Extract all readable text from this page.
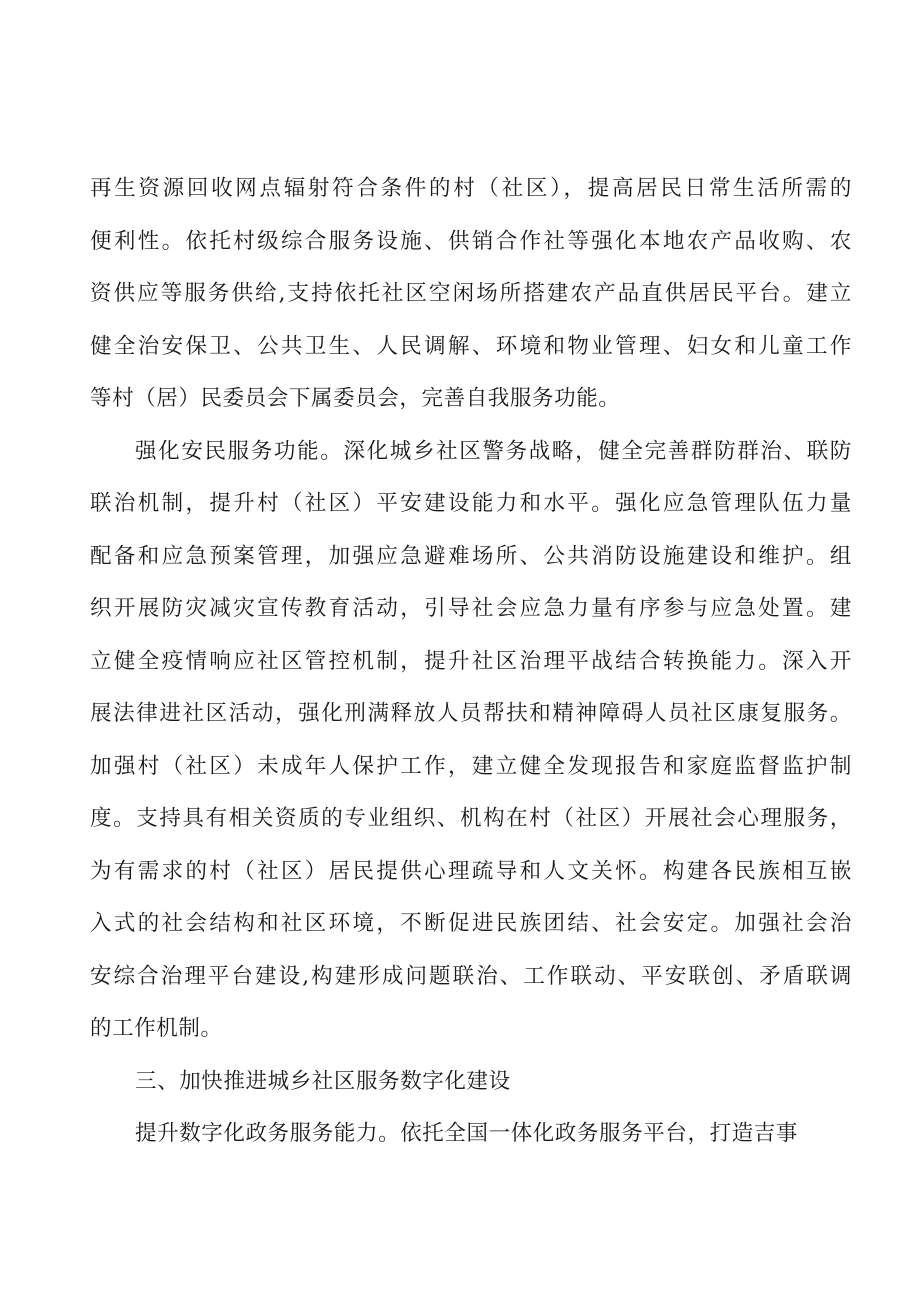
再生资源回收网点辐射符合条件的村（社区），提高居民日常生活所需的
便利性。依托村级综合服务设施、供销合作社等强化本地农产品收购、农
资供应等服务供给,支持依托社区空闲场所搭建农产品直供居民平台。建立
健全治安保卫、公共卫生、人民调解、环境和物业管理、妇女和儿童工作
等村（居）民委员会下属委员会，完善自我服务功能。
强化安民服务功能。深化城乡社区警务战略，健全完善群防群治、联防
联治机制，提升村（社区）平安建设能力和水平。强化应急管理队伍力量
配备和应急预案管理，加强应急避难场所、公共消防设施建设和维护。组
织开展防灾减灾宣传教育活动，引导社会应急力量有序参与应急处置。建
立健全疫情响应社区管控机制，提升社区治理平战结合转换能力。深入开
展法律进社区活动，强化刑满释放人员帮扶和精神障碍人员社区康复服务。
加强村（社区）未成年人保护工作，建立健全发现报告和家庭监督监护制
度。支持具有相关资质的专业组织、机构在村（社区）开展社会心理服务，
为有需求的村（社区）居民提供心理疏导和人文关怀。构建各民族相互嵌
入式的社会结构和社区环境，不断促进民族团结、社会安定。加强社会治
安综合治理平台建设,构建形成问题联治、工作联动、平安联创、矛盾联调
的工作机制。
三、加快推进城乡社区服务数字化建设
提升数字化政务服务能力。依托全国一体化政务服务平台，打造吉事
